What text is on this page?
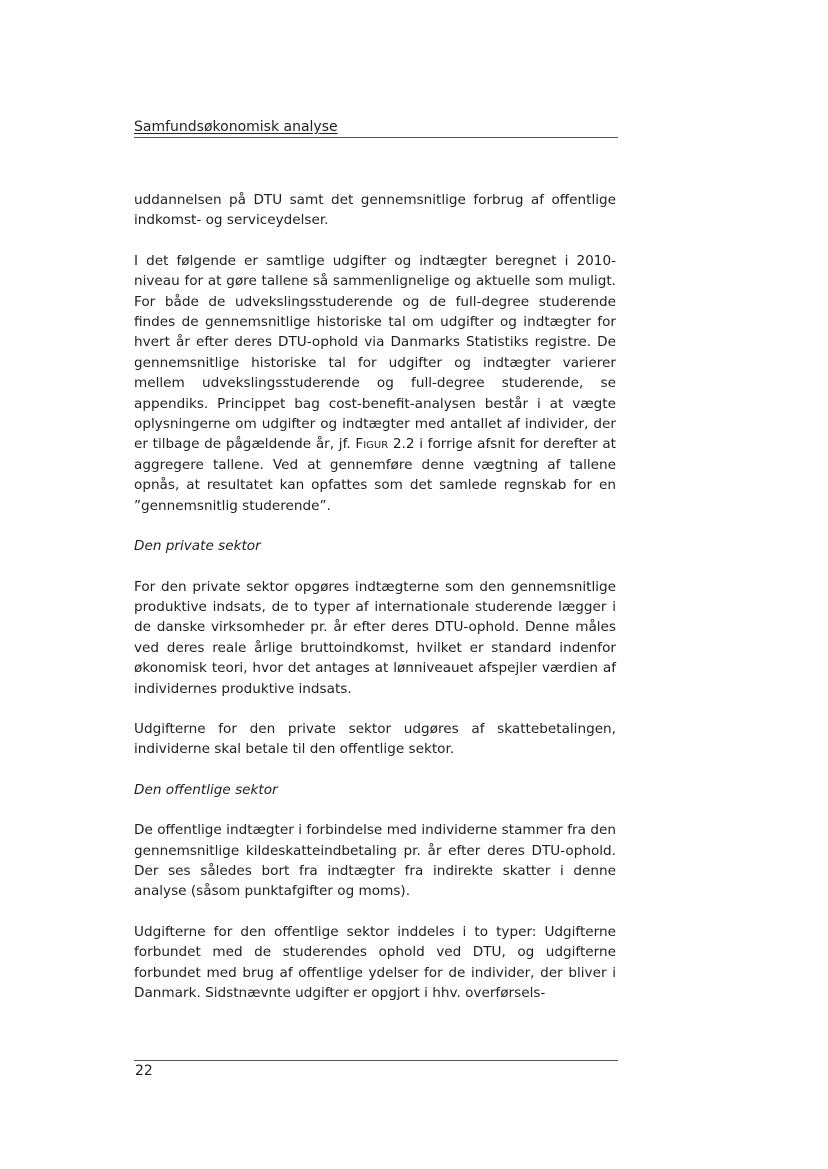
Samfundsøkonomisk analyse

uddannelsen på DTU samt det gennemsnitlige forbrug af offentlige indkomst- og serviceydelser.

I det følgende er samtlige udgifter og indtægter beregnet i 2010-niveau for at gøre tallene så sammenlignelige og aktuelle som muligt. For både de udvekslingsstuderende og de full-degree studerende findes de gennemsnitlige historiske tal om udgifter og indtægter for hvert år efter deres DTU-ophold via Danmarks Statistiks registre. De gennemsnitlige historiske tal for udgifter og indtægter varierer mellem udvekslingsstuderende og full-degree studerende, se appendiks. Princippet bag cost-benefit-analysen består i at vægte oplysningerne om udgifter og indtægter med antallet af individer, der er tilbage de pågældende år, jf. Figur 2.2 i forrige afsnit for derefter at aggregere tallene. Ved at gennemføre denne vægtning af tallene opnås, at resultatet kan opfattes som det samlede regnskab for en ”gennemsnitlig studerende”.

Den private sektor

For den private sektor opgøres indtægterne som den gennemsnitlige produktive indsats, de to typer af internationale studerende lægger i de danske virksomheder pr. år efter deres DTU-ophold. Denne måles ved deres reale årlige bruttoindkomst, hvilket er standard indenfor økonomisk teori, hvor det antages at lønniveauet afspejler værdien af individernes produktive indsats.

Udgifterne for den private sektor udgøres af skattebetalingen, individerne skal betale til den offentlige sektor.

Den offentlige sektor

De offentlige indtægter i forbindelse med individerne stammer fra den gennemsnitlige kildeskatteindbetaling pr. år efter deres DTU-ophold. Der ses således bort fra indtægter fra indirekte skatter i denne analyse (såsom punktafgifter og moms).

Udgifterne for den offentlige sektor inddeles i to typer: Udgifterne forbundet med de studerendes ophold ved DTU, og udgifterne forbundet med brug af offentlige ydelser for de individer, der bliver i Danmark. Sidstnævnte udgifter er opgjort i hhv. overførsels-

22
